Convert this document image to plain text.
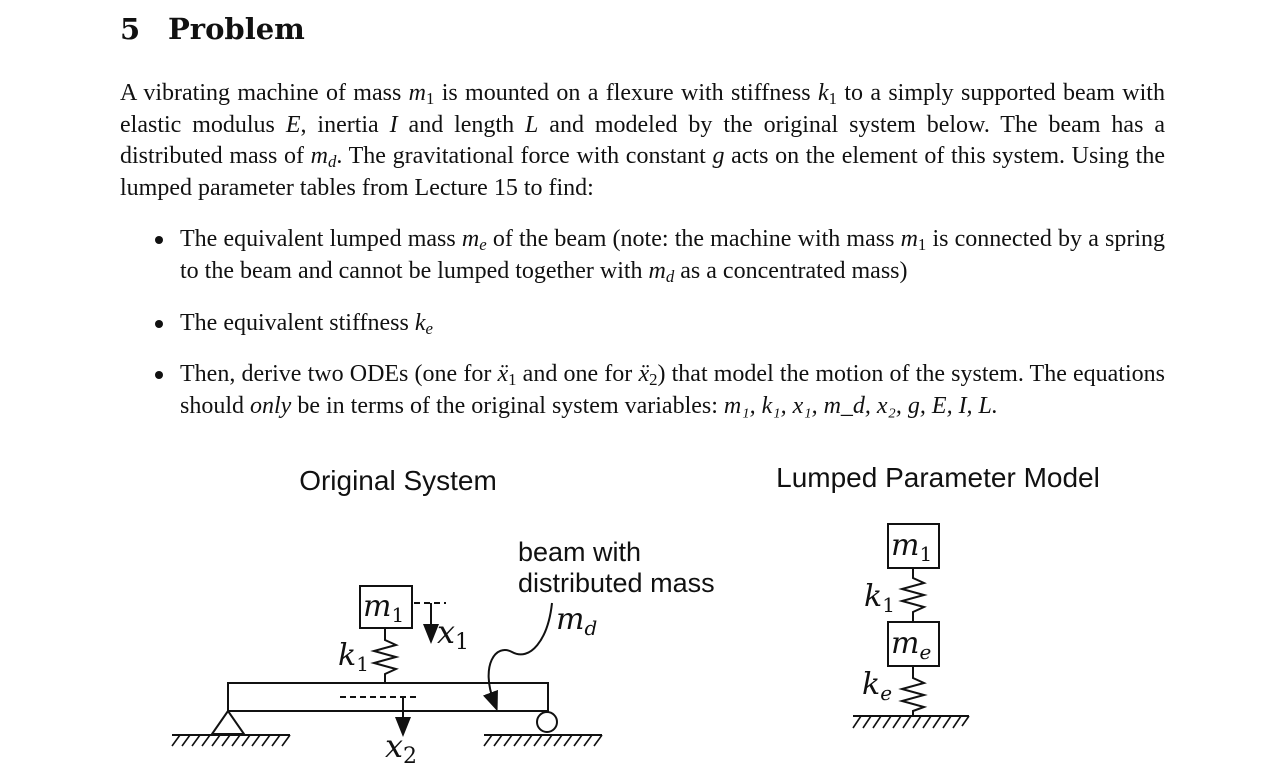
5 Problem

A vibrating machine of mass $m_1$ is mounted on a flexure with stiffness $k_1$ to a simply supported beam with elastic modulus E, inertia I and length L and modeled by the original system below. The beam has a distributed mass of $m_d$. The gravitational force with constant g acts on the element of this system. Using the lumped parameter tables from Lecture 15 to find:

The equivalent lumped mass $m_e$ of the beam (note: the machine with mass $m_1$ is connected by a spring to the beam and cannot be lumped together with $m_d$ as a concentrated mass)

The equivalent stiffness $k_e$

Then, derive two ODEs (one for ẍ$_1$ and one for ẍ$_2$) that model the motion of the system. The equations should only be in terms of the original system variables: m₁, k₁, x₁, m_d, x₂, g, E, I, L.

Original System	Lumped Parameter Model
beam with
distributed mass
$m_1$ x1
$k_1$
x2
$m_d$
$m_1$
$k_1$
$m_e$
$k_e$
